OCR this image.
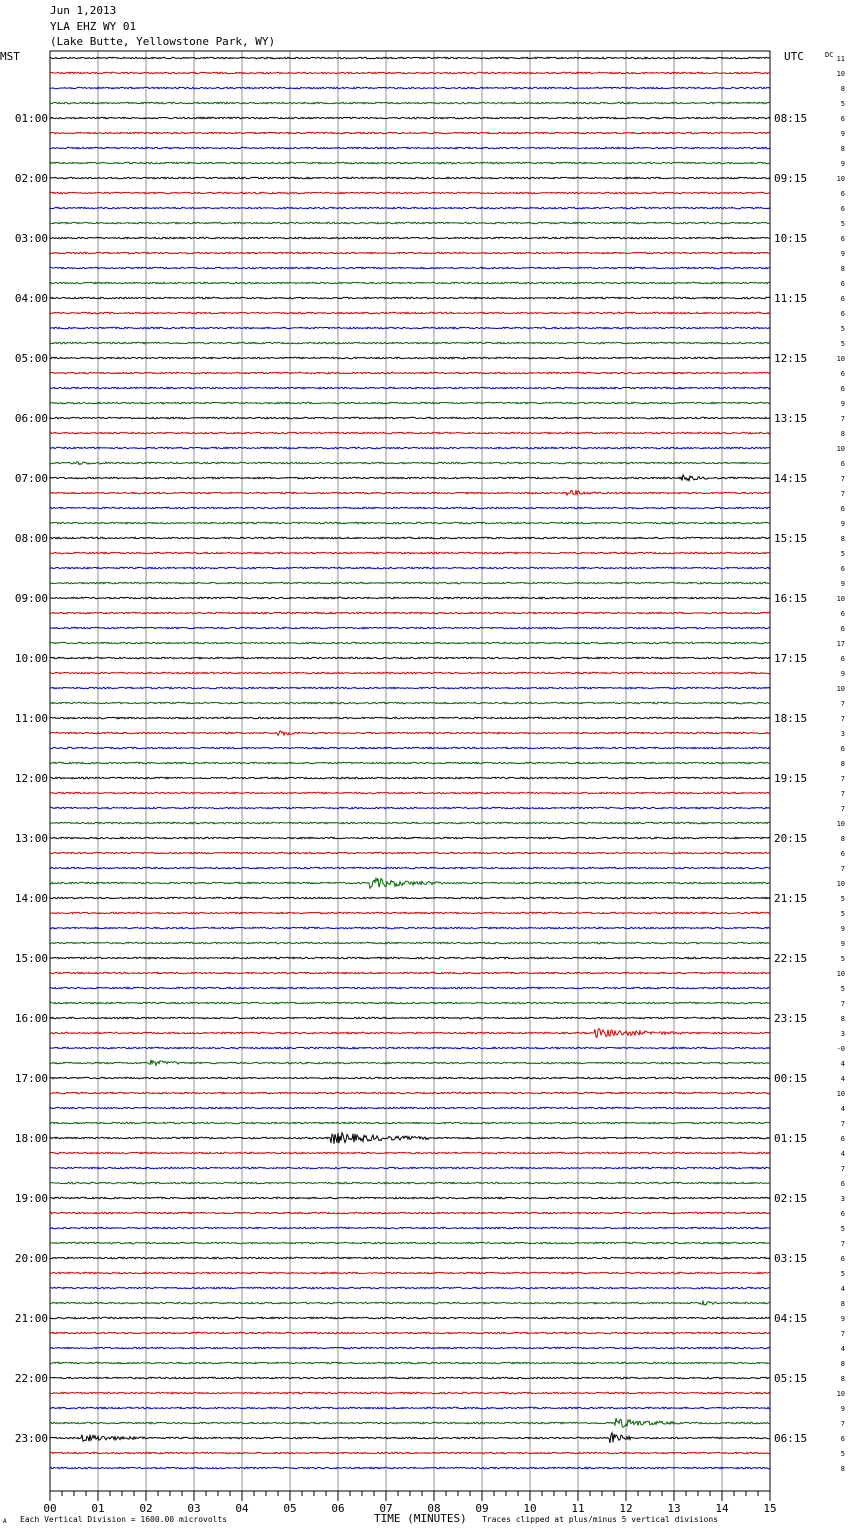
Jun 1,2013
YLA EHZ WY 01
(Lake Butte, Yellowstone Park, WY)
MST	UTC	11
10
8
5
6
9
8
9
10
6
6
5
6
9
8
6
6
6
5
5
10
6
6
9
7
8
10
6
7
7
6
9
8
5
6
9
10
6
6
17
6
9
10
7
7
3
6
8
7
7
7
10
8
6
7
10
5
5
9
9
5
10
5
7
8
3
-0
4
4
10
4
7
6
4
7
6
3
6
5
7
6
5
4
8
9
7
4
8
8
10
9
7
6
5
8
DC
01:00
02:00
03:00
04:00
05:00
06:00
07:00
08:00
09:00
10:00
11:00
12:00
13:00
14:00
15:00
16:00
17:00
18:00
19:00
20:00
21:00
22:00
23:00
08:15
09:15
10:15
11:15
12:15
13:15
14:15
15:15
16:15
17:15
18:15
19:15
20:15
21:15
22:15
23:15
00:15
01:15
02:15
03:15
04:15
05:15
06:15
00	01	02	03	04	05	06	07	08	09	10	11	12	13	14	15
Each Vertical Division = 1600.00 microvolts	TIME (MINUTES) Traces clipped at plus/minus 5 vertical divisions
A
